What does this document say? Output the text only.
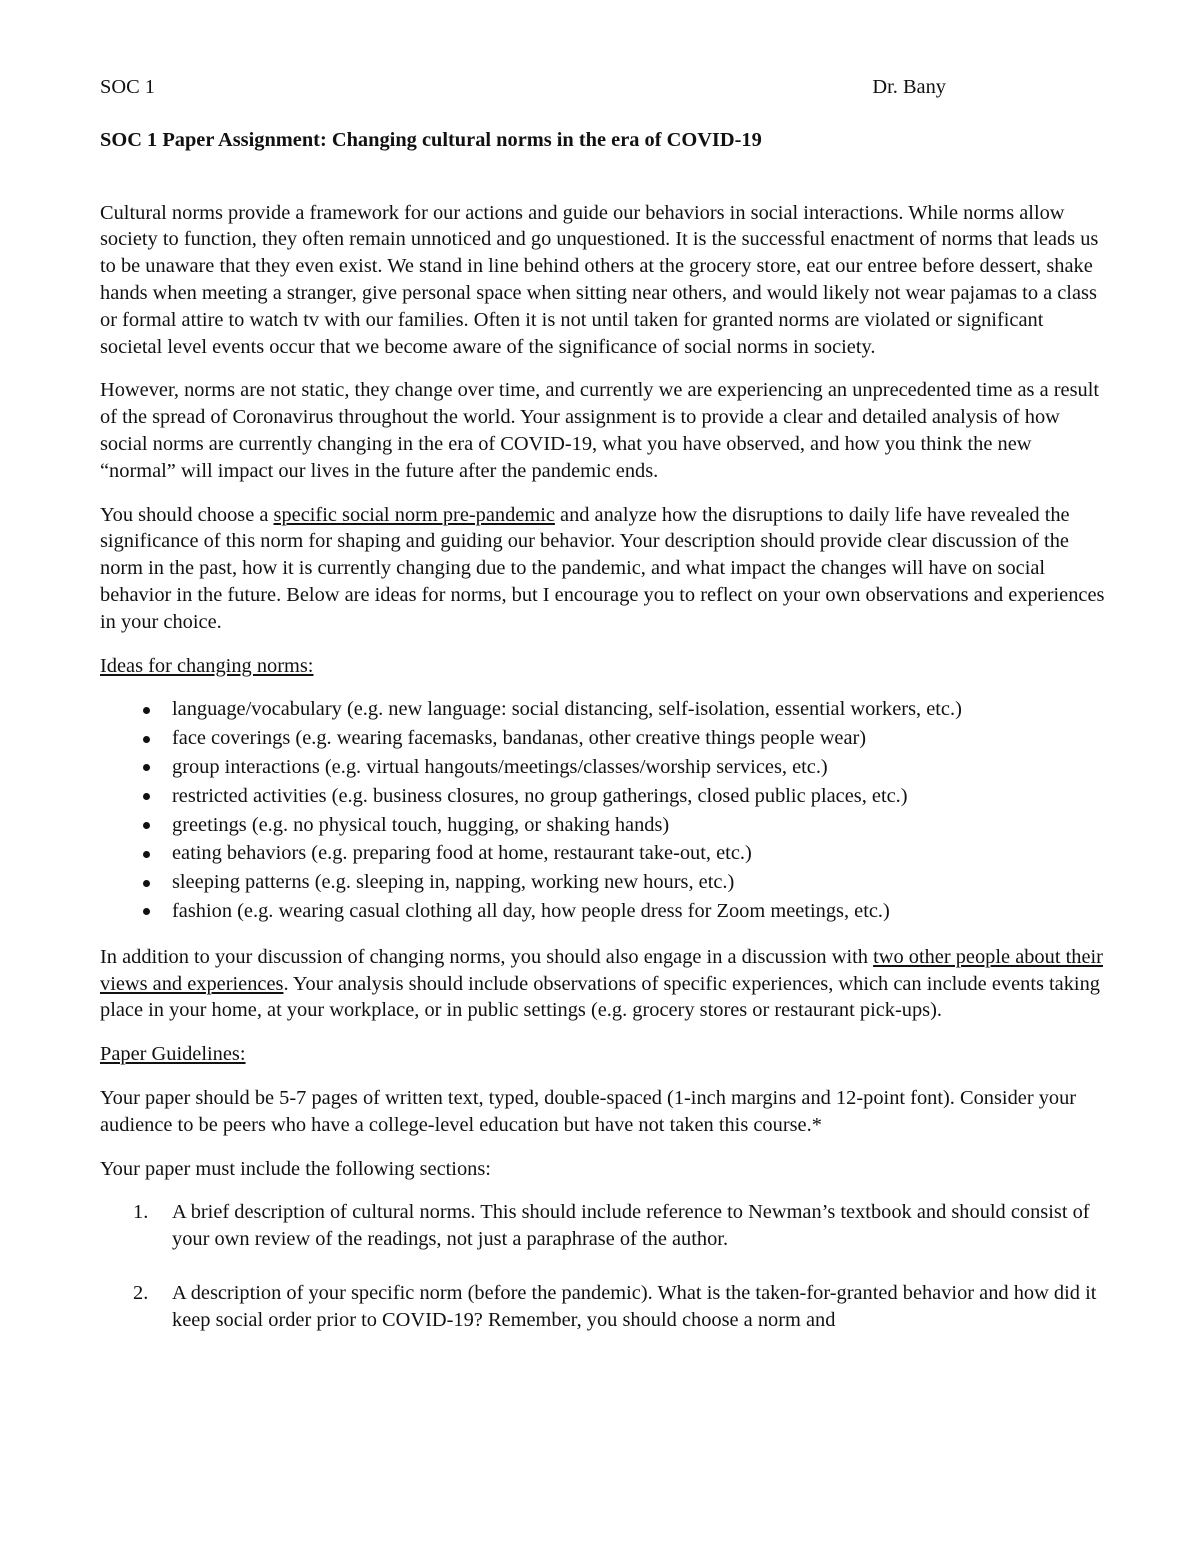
SOC 1	Dr. Bany

SOC 1 Paper Assignment: Changing cultural norms in the era of COVID-19

Cultural norms provide a framework for our actions and guide our behaviors in social interactions. While norms allow society to function, they often remain unnoticed and go unquestioned. It is the successful enactment of norms that leads us to be unaware that they even exist. We stand in line behind others at the grocery store, eat our entree before dessert, shake hands when meeting a stranger, give personal space when sitting near others, and would likely not wear pajamas to a class or formal attire to watch tv with our families. Often it is not until taken for granted norms are violated or significant societal level events occur that we become aware of the significance of social norms in society.

However, norms are not static, they change over time, and currently we are experiencing an unprecedented time as a result of the spread of Coronavirus throughout the world. Your assignment is to provide a clear and detailed analysis of how social norms are currently changing in the era of COVID-19, what you have observed, and how you think the new “normal” will impact our lives in the future after the pandemic ends.

You should choose a specific social norm pre-pandemic and analyze how the disruptions to daily life have revealed the significance of this norm for shaping and guiding our behavior. Your description should provide clear discussion of the norm in the past, how it is currently changing due to the pandemic, and what impact the changes will have on social behavior in the future. Below are ideas for norms, but I encourage you to reflect on your own observations and experiences in your choice.

Ideas for changing norms:

language/vocabulary (e.g. new language: social distancing, self-isolation, essential workers, etc.)
face coverings (e.g. wearing facemasks, bandanas, other creative things people wear)
group interactions (e.g. virtual hangouts/meetings/classes/worship services, etc.)
restricted activities (e.g. business closures, no group gatherings, closed public places, etc.)
greetings (e.g. no physical touch, hugging, or shaking hands)
eating behaviors (e.g. preparing food at home, restaurant take-out, etc.)
sleeping patterns (e.g. sleeping in, napping, working new hours, etc.)
fashion (e.g. wearing casual clothing all day, how people dress for Zoom meetings, etc.)

In addition to your discussion of changing norms, you should also engage in a discussion with two other people about their views and experiences. Your analysis should include observations of specific experiences, which can include events taking place in your home, at your workplace, or in public settings (e.g. grocery stores or restaurant pick-ups).

Paper Guidelines:

Your paper should be 5-7 pages of written text, typed, double-spaced (1-inch margins and 12-point font). Consider your audience to be peers who have a college-level education but have not taken this course.*

Your paper must include the following sections:

1. A brief description of cultural norms. This should include reference to Newman’s textbook and should consist of your own review of the readings, not just a paraphrase of the author.
2. A description of your specific norm (before the pandemic). What is the taken-for-granted behavior and how did it keep social order prior to COVID-19? Remember, you should choose a norm and
